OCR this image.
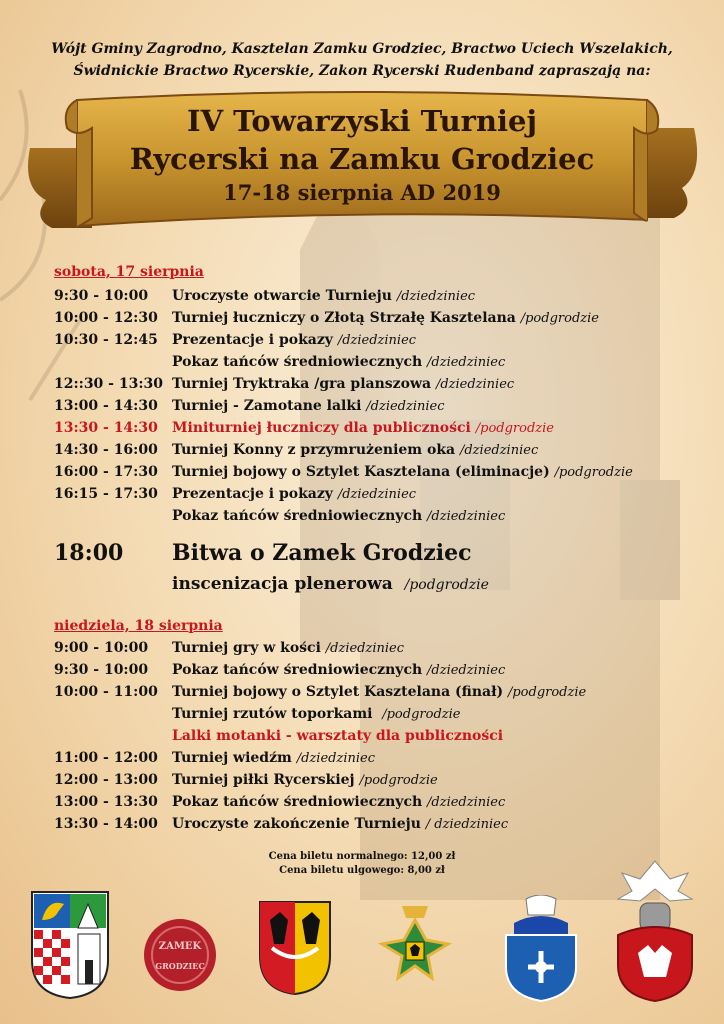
Wójt Gminy Zagrodno, Kasztelan Zamku Grodziec, Bractwo Uciech Wszelakich,
Świdnickie Bractwo Rycerskie, Zakon Rycerski Rudenband zapraszają na:
IV Towarzyski Turniej
Rycerski na Zamku Grodziec
17-18 sierpnia AD 2019
sobota, 17 sierpnia
9:30 - 10:00 Uroczyste otwarcie Turnieju /dziedziniec
10:00 - 12:30 Turniej łuczniczy o Złotą Strzałę Kasztelana /podgrodzie
10:30 - 12:45 Prezentacje i pokazy /dziedziniec
Pokaz tańców średniowiecznych /dziedziniec
12::30 - 13:30 Turniej Tryktraka /gra planszowa /dziedziniec
13:00 - 14:30 Turniej - Zamotane lalki /dziedziniec
13:30 - 14:30 Miniturniej łuczniczy dla publiczności /podgrodzie
14:30 - 16:00 Turniej Konny z przymrużeniem oka /dziedziniec
16:00 - 17:30 Turniej bojowy o Sztylet Kasztelana (eliminacje) /podgrodzie
16:15 - 17:30 Prezentacje i pokazy /dziedziniec
Pokaz tańców średniowiecznych /dziedziniec
18:00 Bitwa o Zamek Grodziec
inscenizacja plenerowa /podgrodzie
niedziela, 18 sierpnia
9:00 - 10:00 Turniej gry w kości /dziedziniec
9:30 - 10:00 Pokaz tańców średniowiecznych /dziedziniec
10:00 - 11:00 Turniej bojowy o Sztylet Kasztelana (finał) /podgrodzie
Turniej rzutów toporkami /podgrodzie
Lalki motanki - warsztaty dla publiczności
11:00 - 12:00 Turniej wiedźm /dziedziniec
12:00 - 13:00 Turniej piłki Rycerskiej /podgrodzie
13:00 - 13:30 Pokaz tańców średniowiecznych /dziedziniec
13:30 - 14:00 Uroczyste zakończenie Turnieju / dziedziniec
Cena biletu normalnego: 12,00 zł
Cena biletu ulgowego: 8,00 zł
ZAMEK
GRODZIEC
